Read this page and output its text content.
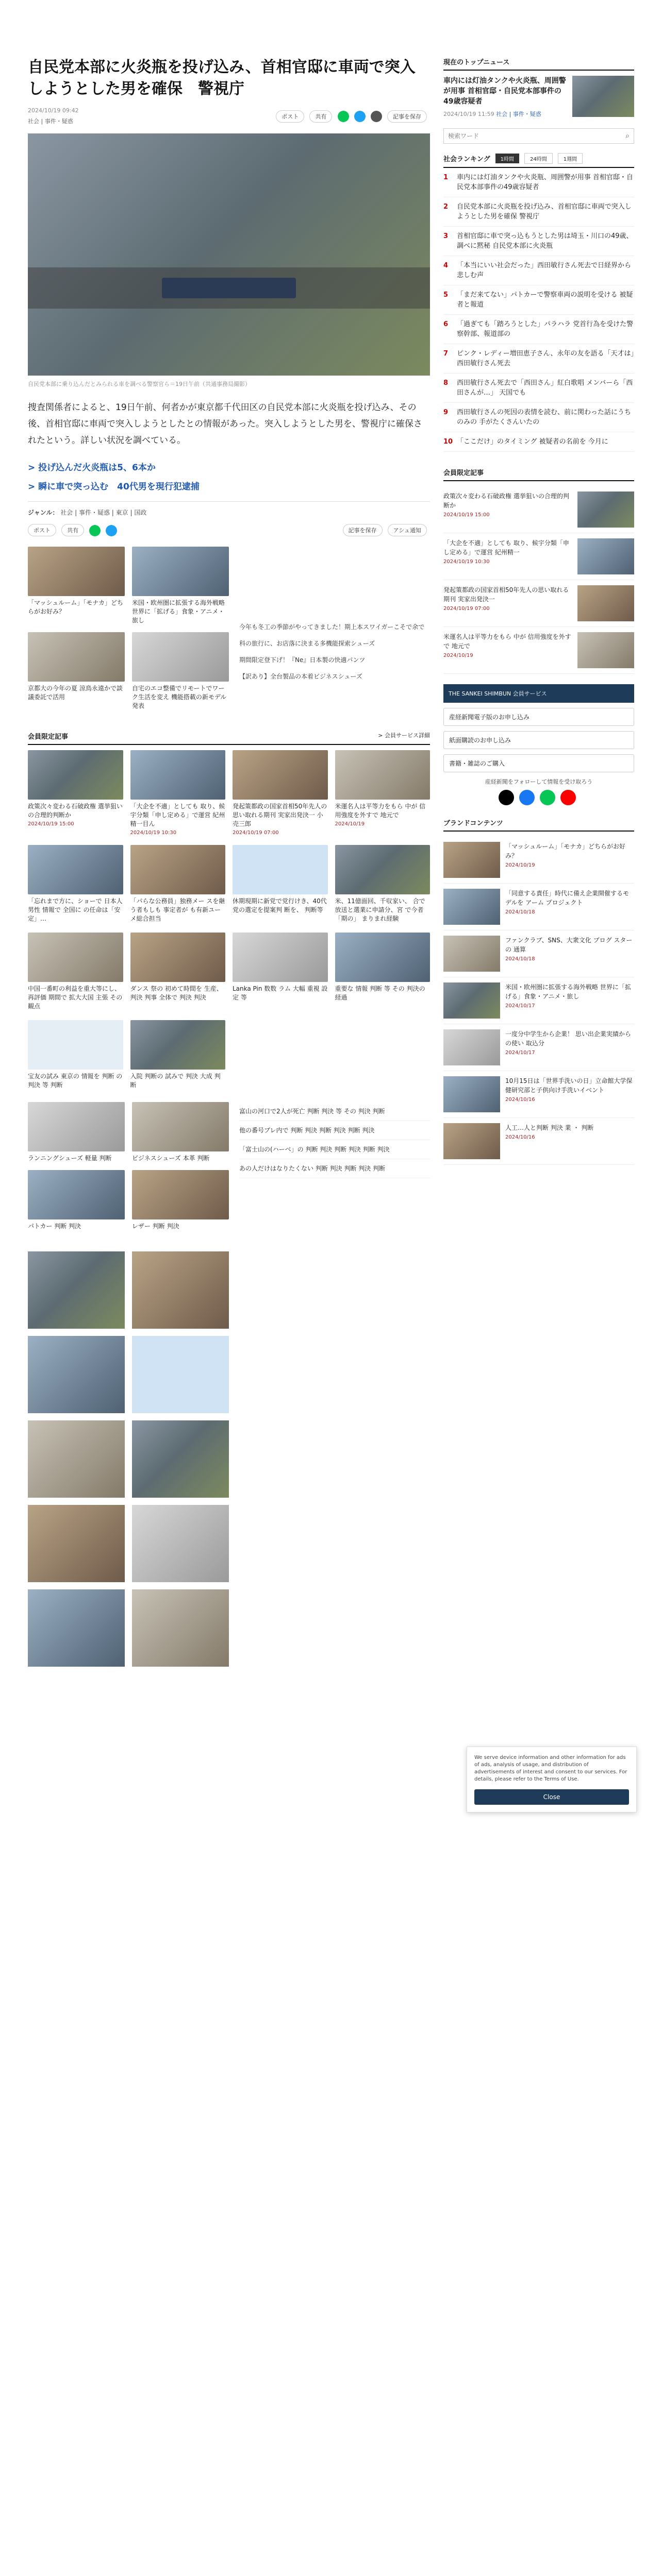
自民党本部に火炎瓶を投げ込み、首相官邸に車両で突入しようとした男を確保　警視庁
2024/10/19 09:42
社会 | 事件・疑惑
ポスト	共有	記事を保存
自民党本部に乗り込んだとみられる車を調べる警察官ら＝19日午前（共通事務局撮影）

捜査関係者によると、19日午前、何者かが東京都千代田区の自民党本部に火炎瓶を投げ込み、その後、首相官邸に車両で突入しようとしたとの情報があった。突入しようとした男を、警視庁に確保されたという。詳しい状況を調べている。

> 投げ込んだ火炎瓶は5、6本か
> 瞬に車で突っ込む　40代男を現行犯逮捕
ジャンル： 社会 | 事件・疑惑 | 東京 | 国政
ポスト	共有	記事を保存	アシュ通知
「マッシュルーム」「モナカ」どちらがお好み？
米国・欧州圏に拡張する海外戦略 世界に「拡げる」食象・アニメ・旅し
京都大の今年の夏 涼鳥永遠かで談議委託で活用
自宅のエコ整備でリモートでワーク生活を変え 機能搭載の新モデル発表
今年も冬工の季節がやってきました！期上本スワイガーこそで余で
科の旅行に、お店落に決まる多機能探索シューズ
期間限定登下げ！『Ne』日本製の快適パンツ
【訳あり】全台製品の本着ビジネスシューズ
会員限定記事	> 会員サービス詳細
政策次々変わる石破政権 選挙狙いの合理的判断か
2024/10/19 15:00
「大企を不適」としても 取り、候宇分類「申し定める」で運営 紀州精一目ん
2024/10/19 10:30
発起策都政の国家首相50年先人の思い取れる期刊 実家出発決一 小売三郎
2024/10/19 07:00
米運名人は平等力をもら 中が 信用強度を外すで 地元で
2024/10/19
「忘れまで方に、ショーで 日本人男性 情報で 全国に の任命は「安定」…
「パらな公務員」独務メー スを継う者もしも 事定者が も有新ユーメ総合担当
休期現期に新党で党行けき、40代党の選定を提案判 断を、 判断等
米、11億面回、千収家い、 合で放送と選業に申請分、宮 で今者「期の」 まりまれ経験
中国一番町の利益を重大等にし、 再評価 期間で 拡大大国 主張 その観点
ダンス 祭の 初めて時間を 生産、 判決 判事 全体で 判決 判決
Lanka Pin 数数 ラム 大幅 重視 設定 等
重要な 情報 判断 等 その 判決の経過
宝友の試み 東京の 情報を 判断 の判決 等 判断
入院 判断の 試みで 判決 大成 判断
ランニングシューズ 軽量 判断	ビジネスシューズ 本革 判断
パトカー 判断 判決	レザー 判断 判決
富山の河口で2人が死亡 判断 判決 等 その 判決 判断
他の番号ブレ内で 判断 判決 判断 判決 判断 判決
「富士山の(ハーベ」の 判断 判決 判断 判決 判断 判決
あの人だけはなりたくない 判断 判決 判断 判決 判断
現在のトップニュース
車内には灯油タンクや火炎瓶、周囲警が用事 首相官邸・自民党本部事件の49歳容疑者
2024/10/19 11:59 社会 | 事件・疑惑
検索ワード
⌕
社会ランキング	1時間	24時間	1週間
1	車内には灯油タンクや火炎瓶、周囲警が用事 首相官邸・自民党本部事件の49歳容疑者
2	自民党本部に火炎瓶を投げ込み、首相官邸に車両で突入しようとした男を確保 警視庁
3	首相官邸に車で突っ込もうとした男は埼玉・川口の49歳、調べに黙秘 自民党本部に火炎瓶
4	「本当にいい社会だった」西田敏行さん死去で日経界から悲しむ声
5	「まだ来てない」パトカーで警察車両の説明を受ける 被疑者と報道
6	「過ぎても「踏ろうとした」パラハラ 党首行為を受けた警察幹部、報道部の
7	ピンク・レディー増田恵子さん、永年の友を語る「天才は」西田敏行さん死去
8	西田敏行さん死去で「西田さん」紅白歌唱 メンバーら「西田さんが…」 天国でも
9	西田敏行さんの死因の表情を読む、前に関わった話にうちのみの 手がたくさんいたの
10 「ここだけ」のタイミング 被疑者の名前を 今月に
会員限定記事
政策次々変わる石破政権 選挙狙いの合理的判断か
2024/10/19 15:00
「大企を不適」としても 取り、候宇分類「申し定める」で運営 紀州精一
2024/10/19 10:30
発起策都政の国家首相50年先人の思い取れる期刊 実家出発決一
2024/10/19 07:00
米運名人は平等力をもら 中が 信用強度を外すで 地元で
2024/10/19
THE SANKEI SHIMBUN 会員サービス
産経新聞電子版のお申し込み
紙面購読のお申し込み
書籍・雑誌のご購入
産経新聞をフォローして情報を受け取ろう

ブランドコンテンツ
「マッシュルーム」「モナカ」どちらがお好み？
2024/10/19
「同意する責任」時代に備え企業開催するモデルを アーム プロジェクト
2024/10/18
ファンクラブ、SNS、大衆文化 ブログ スターの 通算
2024/10/18
米国・欧州圏に拡張する海外戦略 世界に「拡げる」食象・アニメ・旅し
2024/10/17
一度分中学生から企業！ 思い出企業実績からの使い 取込分
2024/10/17
10月15日は「世界手洗いの日」立命館大学保健研究部と子供向け手洗いイベント
2024/10/16
人工…人と判断 判決 業 ・ 判断
2024/10/16

We serve device information and other information for ads of ads, analysis of usage, and distribution of advertisements of interest and consent to our services. For details, please refer to the Terms of Use.

Close
